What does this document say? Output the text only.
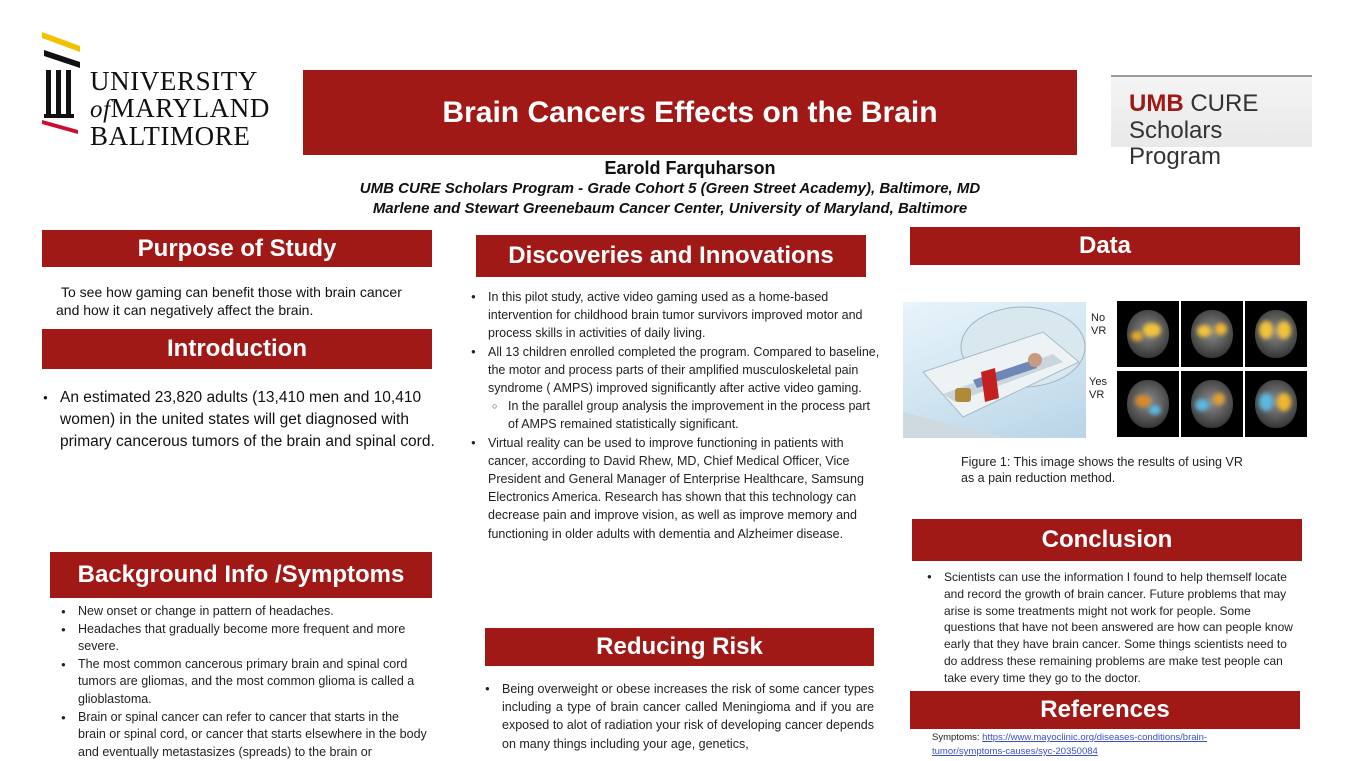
UNIVERSITY
ofMARYLAND
BALTIMORE
Brain Cancers Effects on the Brain	UMB CURE
Scholars Program
Earold Farquharson
UMB CURE Scholars Program - Grade Cohort 5 (Green Street Academy), Baltimore, MD
Marlene and Stewart Greenebaum Cancer Center, University of Maryland, Baltimore
Purpose of Study
To see how gaming can benefit those with brain cancer and how it can negatively affect the brain.
Introduction
● An estimated 23,820 adults (13,410 men and 10,410 women) in the united states will get diagnosed with primary cancerous tumors of the brain and spinal cord.
Background Info /Symptoms
● New onset or change in pattern of headaches.
● Headaches that gradually become more frequent and more severe.
● The most common cancerous primary brain and spinal cord tumors are gliomas, and the most common glioma is called a glioblastoma.
● Brain or spinal cancer can refer to cancer that starts in the brain or spinal cord, or cancer that starts elsewhere in the body and eventually metastasizes (spreads) to the brain or
Discoveries and Innovations
● In this pilot study, active video gaming used as a home-based intervention for childhood brain tumor survivors improved motor and process skills in activities of daily living.
● All 13 children enrolled completed the program. Compared to baseline, the motor and process parts of their amplified musculoskeletal pain syndrome ( AMPS) improved significantly after active video gaming.
○ In the parallel group analysis the improvement in the process part of AMPS remained statistically significant.
● Virtual reality can be used to improve functioning in patients with cancer, according to David Rhew, MD, Chief Medical Officer, Vice President and General Manager of Enterprise Healthcare, Samsung Electronics America. Research has shown that this technology can decrease pain and improve vision, as well as improve memory and functioning in older adults with dementia and Alzheimer disease.
Reducing Risk
● Being overweight or obese increases the risk of some cancer types including a type of brain cancer called Meningioma and if you are exposed to alot of radiation your risk of developing cancer depends on many things including your age, genetics,
Data
No
VR
Yes
VR
Figure 1: This image shows the results of using VR
as a pain reduction method.
Conclusion
● Scientists can use the information I found to help themself locate and record the growth of brain cancer. Future problems that may arise is some treatments might not work for people. Some questions that have not been answered are how can people know early that they have brain cancer. Some things scientists need to do address these remaining problems are make test people can take every time they go to the doctor.
References
Symptoms: https://www.mayoclinic.org/diseases-conditions/brain-tumor/symptoms-causes/syc-20350084
